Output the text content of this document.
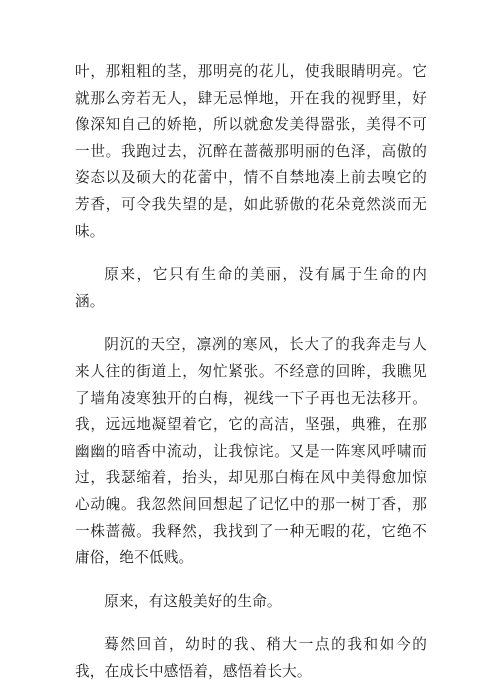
叶，那粗粗的茎，那明亮的花儿，使我眼睛明亮。它就那么旁若无人，肆无忌惮地，开在我的视野里，好像深知自己的娇艳，所以就愈发美得嚣张，美得不可一世。我跑过去，沉醉在蔷薇那明丽的色泽，高傲的姿态以及硕大的花蕾中，情不自禁地凑上前去嗅它的芳香，可令我失望的是，如此骄傲的花朵竟然淡而无味。

原来，它只有生命的美丽，没有属于生命的内涵。

阴沉的天空，凛冽的寒风，长大了的我奔走与人来人往的街道上，匆忙紧张。不经意的回眸，我瞧见了墙角凌寒独开的白梅，视线一下子再也无法移开。我，远远地凝望着它，它的高洁，坚强，典雅，在那幽幽的暗香中流动，让我惊诧。又是一阵寒风呼啸而过，我瑟缩着，抬头，却见那白梅在风中美得愈加惊心动魄。我忽然间回想起了记忆中的那一树丁香，那一株蔷薇。我释然，我找到了一种无暇的花，它绝不庸俗，绝不低贱。

原来，有这般美好的生命。

蓦然回首，幼时的我、稍大一点的我和如今的我，在成长中感悟着，感悟着长大。
